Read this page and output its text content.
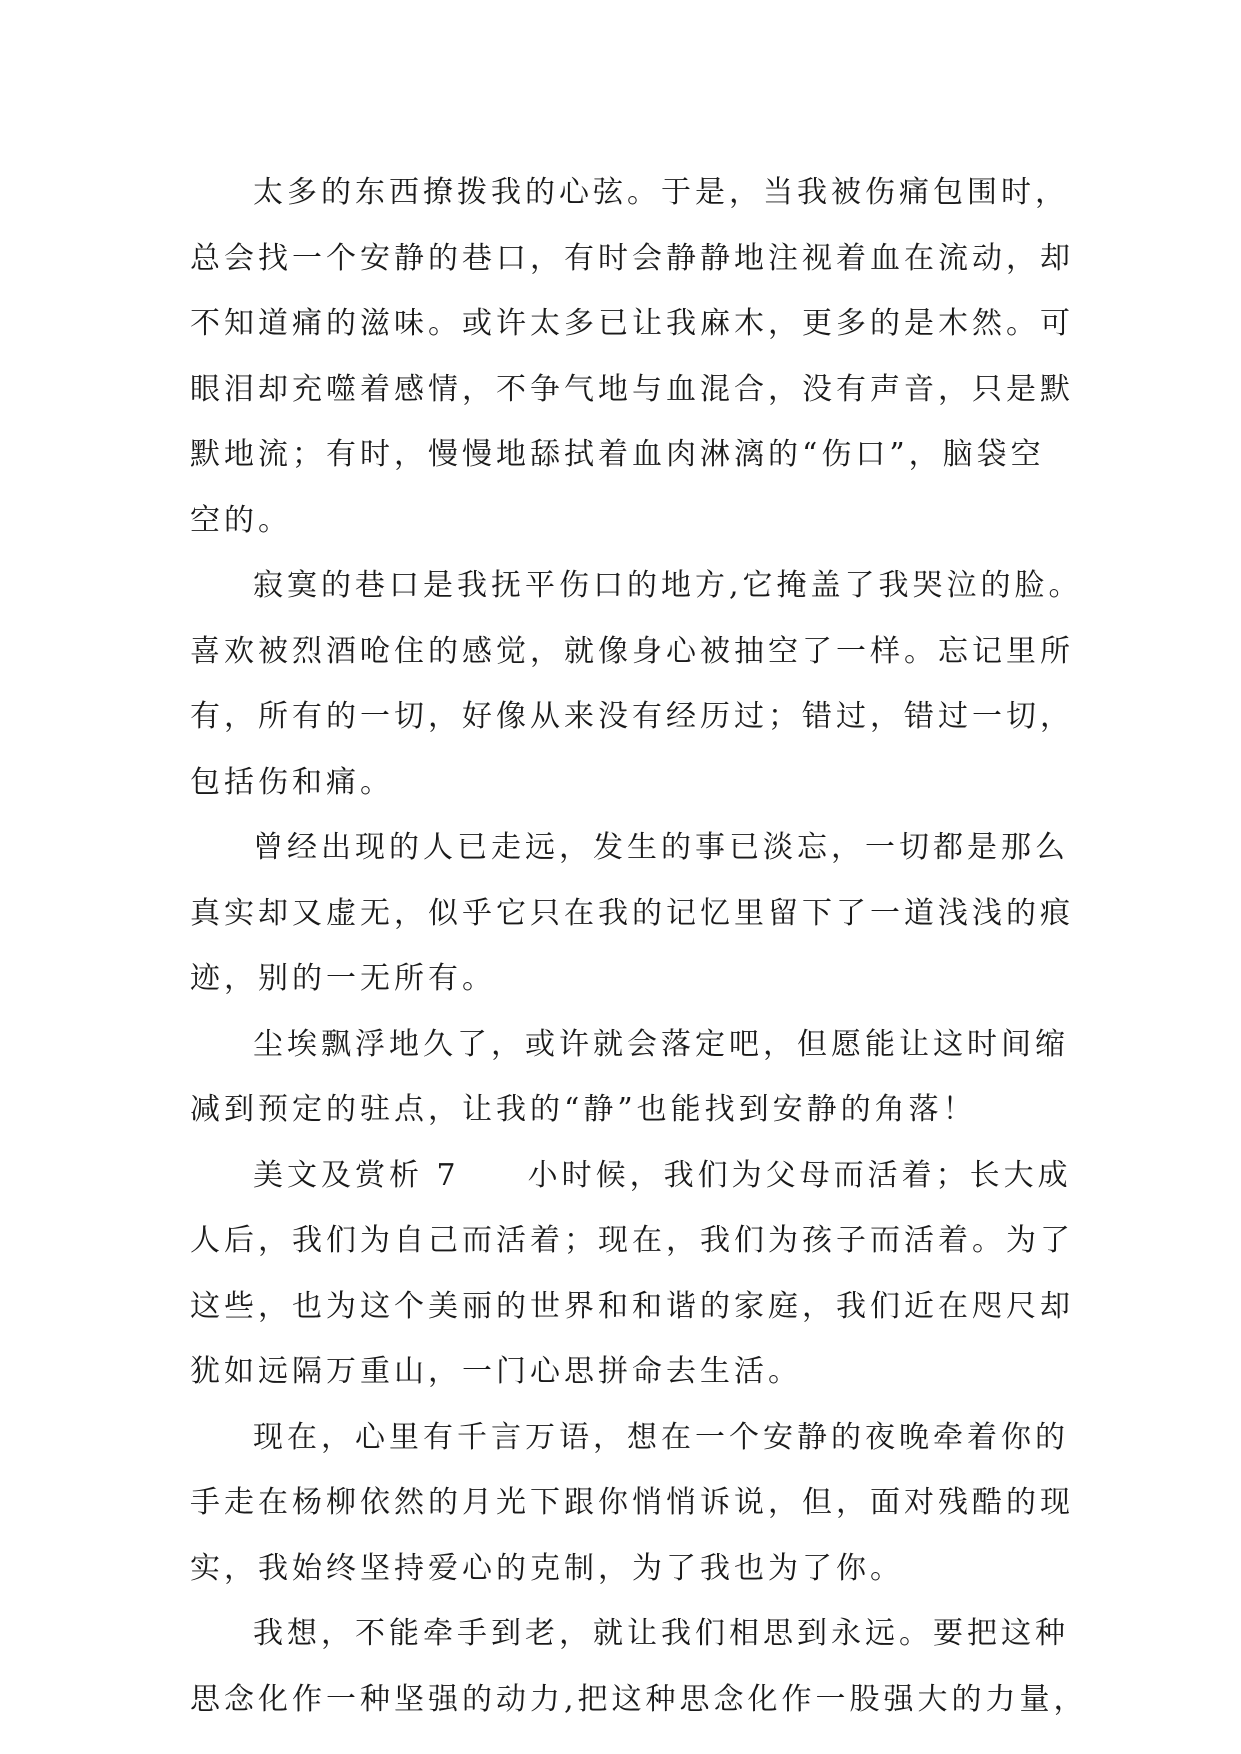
太多的东西撩拨我的心弦。于是，当我被伤痛包围时，
总会找一个安静的巷口，有时会静静地注视着血在流动，却
不知道痛的滋味。或许太多已让我麻木，更多的是木然。可
眼泪却充噬着感情，不争气地与血混合，没有声音，只是默
默地流；有时，慢慢地舔拭着血肉淋漓的“伤口”，脑袋空
空的。
寂寞的巷口是我抚平伤口的地方,它掩盖了我哭泣的脸。
喜欢被烈酒呛住的感觉，就像身心被抽空了一样。忘记里所
有，所有的一切，好像从来没有经历过；错过，错过一切，
包括伤和痛。
曾经出现的人已走远，发生的事已淡忘，一切都是那么
真实却又虚无，似乎它只在我的记忆里留下了一道浅浅的痕
迹，别的一无所有。
尘埃飘浮地久了，或许就会落定吧，但愿能让这时间缩
减到预定的驻点，让我的“静”也能找到安静的角落！
美文及赏析 7　　小时候，我们为父母而活着；长大成
人后，我们为自己而活着；现在，我们为孩子而活着。为了
这些，也为这个美丽的世界和和谐的家庭，我们近在咫尺却
犹如远隔万重山，一门心思拼命去生活。
现在，心里有千言万语，想在一个安静的夜晚牵着你的
手走在杨柳依然的月光下跟你悄悄诉说，但，面对残酷的现
实，我始终坚持爱心的克制，为了我也为了你。
我想，不能牵手到老，就让我们相思到永远。要把这种
思念化作一种坚强的动力,把这种思念化作一股强大的力量，
